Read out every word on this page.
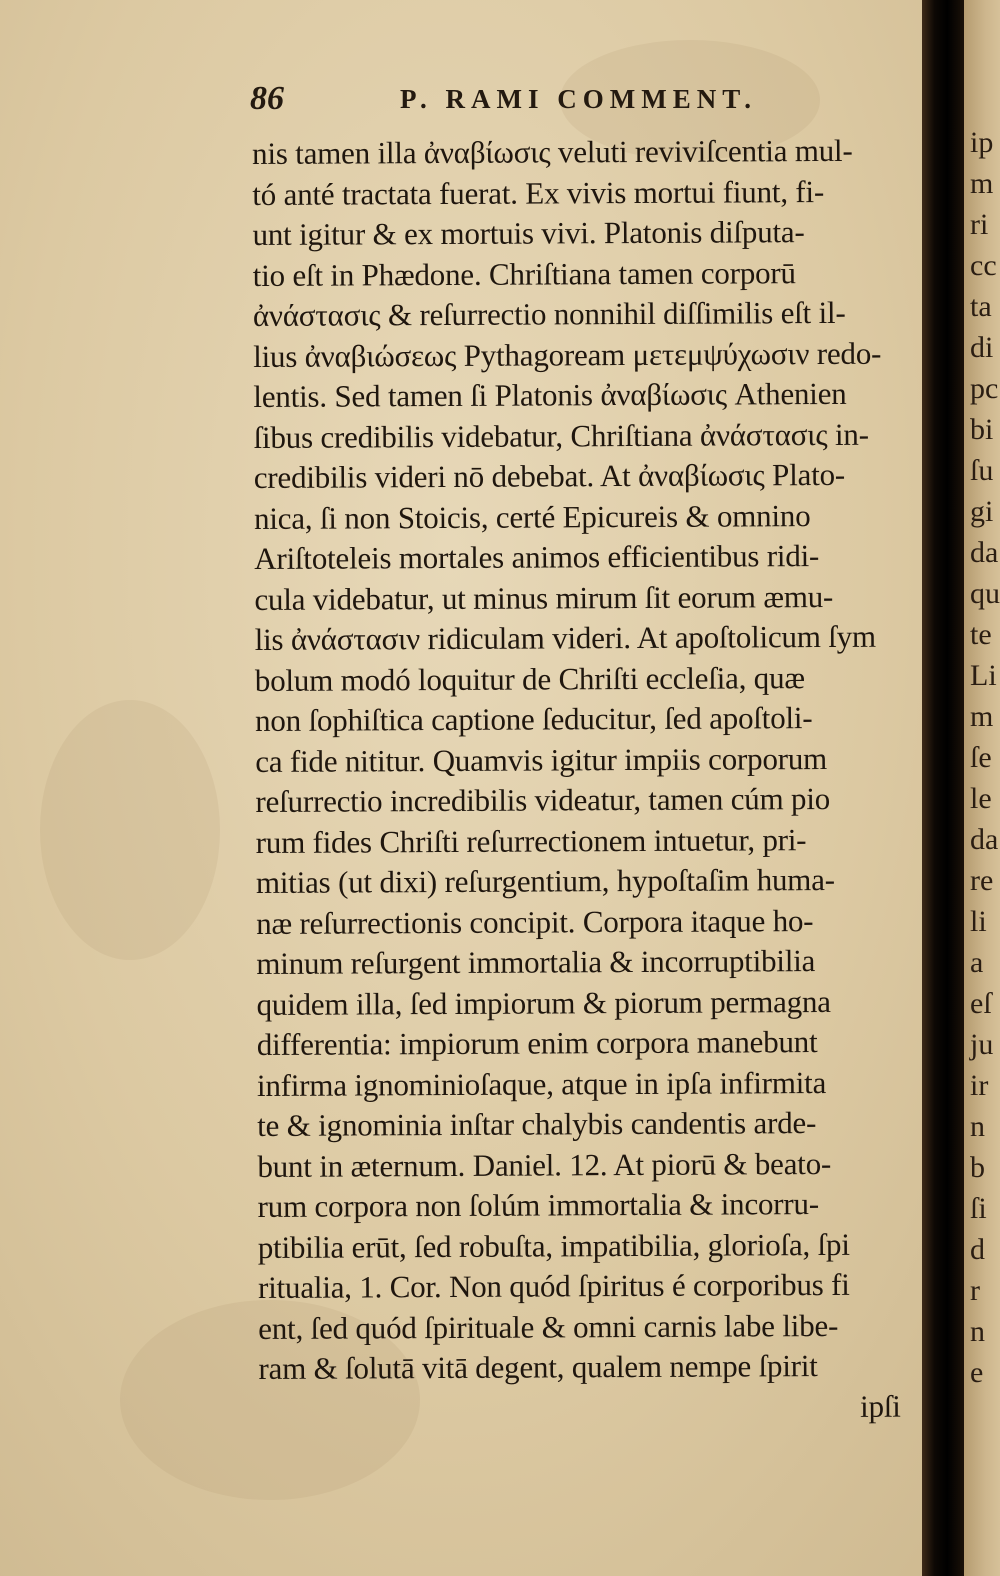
86	P. RAMI COMMENT.
nis tamen illa ἀναβίωσις veluti reviviſcentia mul-
tó anté tractata fuerat. Ex vivis mortui fiunt, fi-
unt igitur & ex mortuis vivi. Platonis diſputa-
tio eſt in Phædone. Chriſtiana tamen corporū
ἀνάστασις & reſurrectio nonnihil diſſimilis eſt il-
lius ἀναβιώσεως Pythagoream μετεμψύχωσιν redo-
lentis. Sed tamen ſi Platonis ἀναβίωσις Athenien
ſibus credibilis videbatur, Chriſtiana ἀνάστασις in-
credibilis videri nō debebat. At ἀναβίωσις Plato-
nica, ſi non Stoicis, certé Epicureis & omnino
Ariſtoteleis mortales animos efficientibus ridi-
cula videbatur, ut minus mirum ſit eorum æmu-
lis ἀνάστασιν ridiculam videri. At apoſtolicum ſym
bolum modó loquitur de Chriſti eccleſia, quæ
non ſophiſtica captione ſeducitur, ſed apoſtoli-
ca fide nititur. Quamvis igitur impiis corporum
reſurrectio incredibilis videatur, tamen cúm pio
rum fides Chriſti reſurrectionem intuetur, pri-
mitias (ut dixi) reſurgentium, hypoſtaſim huma-
næ reſurrectionis concipit. Corpora itaque ho-
minum reſurgent immortalia & incorruptibilia
quidem illa, ſed impiorum & piorum permagna
differentia: impiorum enim corpora manebunt
infirma ignominioſaque, atque in ipſa infirmita
te & ignominia inſtar chalybis candentis arde-
bunt in æternum. Daniel. 12. At piorū & beato-
rum corpora non ſolúm immortalia & incorru-
ptibilia erūt, ſed robuſta, impatibilia, glorioſa, ſpi
ritualia, 1. Cor. Non quód ſpiritus é corporibus fi
ent, ſed quód ſpirituale & omni carnis labe libe-
ram & ſolutā vitā degent, qualem nempe ſpirit
ipſi
ip
m
ri
cc
ta
di
pc
bi
ſu
gi
da
qu
te
Li
m
ſe
le
da
re
li
a
eſ
ju
ir
n
b
ſi
d
r
n
e
